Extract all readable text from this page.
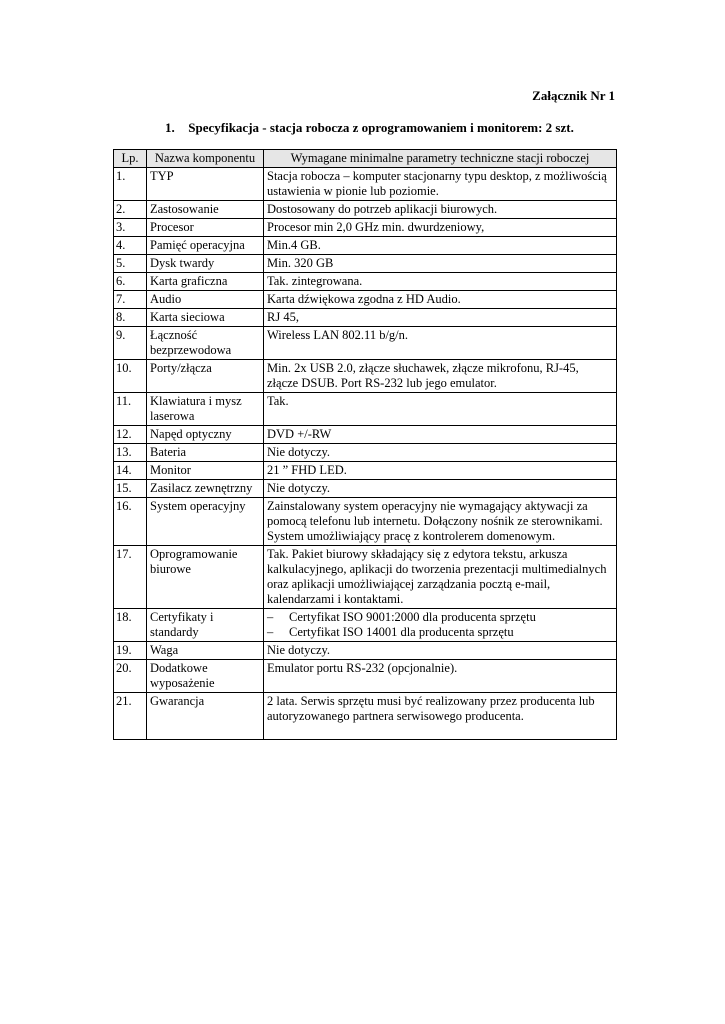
Załącznik Nr 1
1. Specyfikacja - stacja robocza z oprogramowaniem i monitorem: 2 szt.
Lp.	Nazwa komponentu	Wymagane minimalne parametry techniczne stacji roboczej
1.	TYP	Stacja robocza – komputer stacjonarny typu desktop, z możliwością ustawienia w pionie lub poziomie.
2.	Zastosowanie	Dostosowany do potrzeb aplikacji biurowych.
3.	Procesor	Procesor min 2,0 GHz min. dwurdzeniowy,
4.	Pamięć operacyjna	Min.4 GB.
5.	Dysk twardy	Min. 320 GB
6.	Karta graficzna	Tak. zintegrowana.
7.	Audio	Karta dźwiękowa zgodna z HD Audio.
8.	Karta sieciowa	RJ 45,
9.	Łączność bezprzewodowa	Wireless LAN 802.11 b/g/n.
10.	Porty/złącza	Min. 2x USB 2.0, złącze słuchawek, złącze mikrofonu, RJ-45, złącze DSUB. Port RS-232 lub jego emulator.
11.	Klawiatura i mysz laserowa	Tak.
12.	Napęd optyczny	DVD +/-RW
13.	Bateria	Nie dotyczy.
14.	Monitor	21 ” FHD LED.
15.	Zasilacz zewnętrzny	Nie dotyczy.
16.	System operacyjny	Zainstalowany system operacyjny nie wymagający aktywacji za pomocą telefonu lub internetu. Dołączony nośnik ze sterownikami. System umożliwiający pracę z kontrolerem domenowym.
17.	Oprogramowanie biurowe	Tak. Pakiet biurowy składający się z edytora tekstu, arkusza kalkulacyjnego, aplikacji do tworzenia prezentacji multimedialnych oraz aplikacji umożliwiającej zarządzania pocztą e-mail, kalendarzami i kontaktami.
18.	Certyfikaty i standardy	– Certyfikat ISO 9001:2000 dla producenta sprzętu
– Certyfikat ISO 14001 dla producenta sprzętu

19.	Waga	Nie dotyczy.
20.	Dodatkowe wyposażenie	Emulator portu RS-232 (opcjonalnie).
21.	Gwarancja	2 lata. Serwis sprzętu musi być realizowany przez producenta lub autoryzowanego partnera serwisowego producenta.
